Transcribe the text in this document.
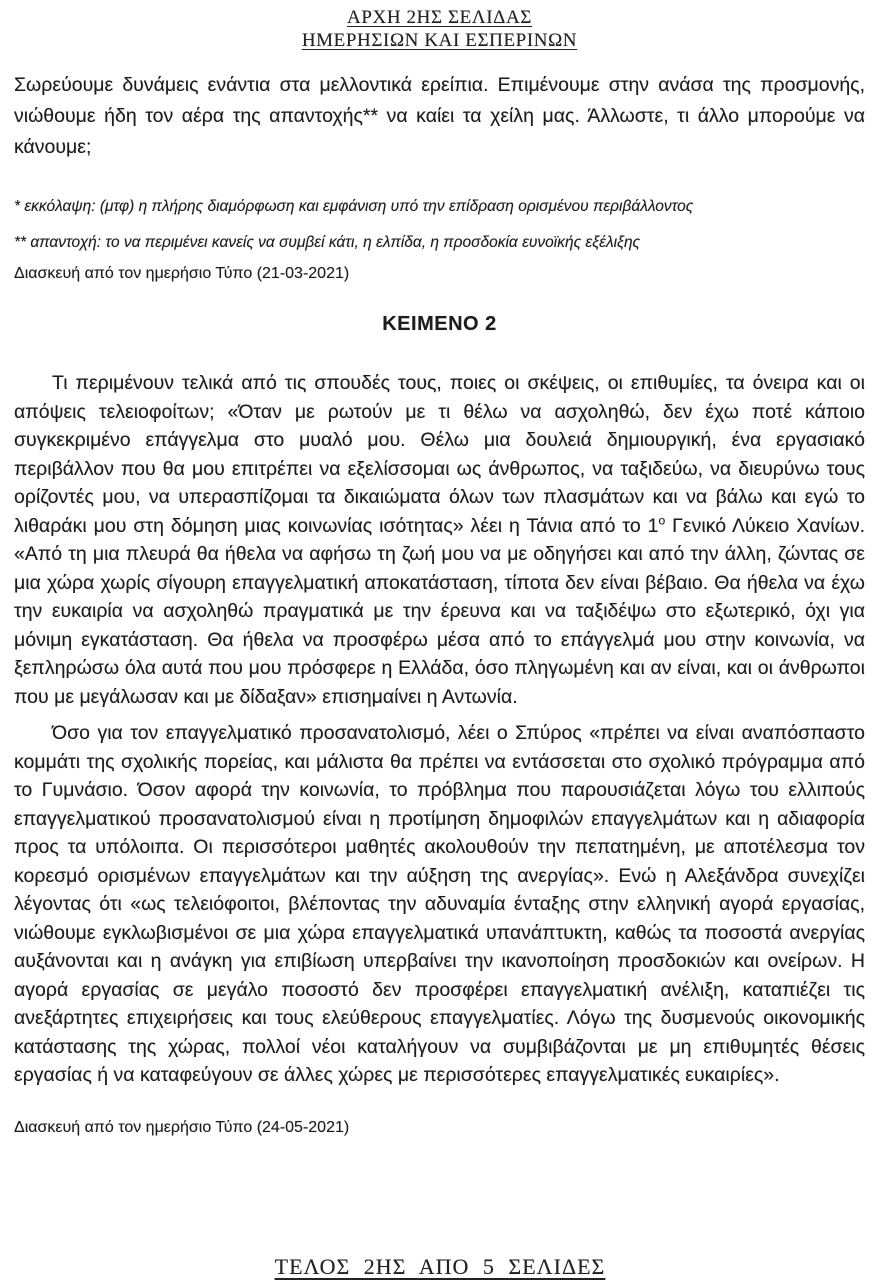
ΑΡΧΗ 2ΗΣ ΣΕΛΙΔΑΣ
ΗΜΕΡΗΣΙΩΝ ΚΑΙ ΕΣΠΕΡΙΝΩΝ

Σωρεύουμε δυνάμεις ενάντια στα μελλοντικά ερείπια. Επιμένουμε στην ανάσα της προσμονής, νιώθουμε ήδη τον αέρα της απαντοχής** να καίει τα χείλη μας. Άλλωστε, τι άλλο μπορούμε να κάνουμε;

* εκκόλαψη: (μτφ) η πλήρης διαμόρφωση και εμφάνιση υπό την επίδραση ορισμένου περιβάλλοντος

** απαντοχή: το να περιμένει κανείς να συμβεί κάτι, η ελπίδα, η προσδοκία ευνοϊκής εξέλιξης

Διασκευή από τον ημερήσιο Τύπο (21-03-2021)

ΚΕΙΜΕΝΟ 2

Τι περιμένουν τελικά από τις σπουδές τους, ποιες οι σκέψεις, οι επιθυμίες, τα όνειρα και οι απόψεις τελειοφοίτων; «Όταν με ρωτούν με τι θέλω να ασχοληθώ, δεν έχω ποτέ κάποιο συγκεκριμένο επάγγελμα στο μυαλό μου. Θέλω μια δουλειά δημιουργική, ένα εργασιακό περιβάλλον που θα μου επιτρέπει να εξελίσσομαι ως άνθρωπος, να ταξιδεύω, να διευρύνω τους ορίζοντές μου, να υπερασπίζομαι τα δικαιώματα όλων των πλασμάτων και να βάλω και εγώ το λιθαράκι μου στη δόμηση μιας κοινωνίας ισότητας» λέει η Τάνια από το $1^o$ Γενικό Λύκειο Χανίων. «Από τη μια πλευρά θα ήθελα να αφήσω τη ζωή μου να με οδηγήσει και από την άλλη, ζώντας σε μια χώρα χωρίς σίγουρη επαγγελματική αποκατάσταση, τίποτα δεν είναι βέβαιο. Θα ήθελα να έχω την ευκαιρία να ασχοληθώ πραγματικά με την έρευνα και να ταξιδέψω στο εξωτερικό, όχι για μόνιμη εγκατάσταση. Θα ήθελα να προσφέρω μέσα από το επάγγελμά μου στην κοινωνία, να ξεπληρώσω όλα αυτά που μου πρόσφερε η Ελλάδα, όσο πληγωμένη και αν είναι, και οι άνθρωποι που με μεγάλωσαν και με δίδαξαν» επισημαίνει η Αντωνία.

Όσο για τον επαγγελματικό προσανατολισμό, λέει ο Σπύρος «πρέπει να είναι αναπόσπαστο κομμάτι της σχολικής πορείας, και μάλιστα θα πρέπει να εντάσσεται στο σχολικό πρόγραμμα από το Γυμνάσιο. Όσον αφορά την κοινωνία, το πρόβλημα που παρουσιάζεται λόγω του ελλιπούς επαγγελματικού προσανατολισμού είναι η προτίμηση δημοφιλών επαγγελμάτων και η αδιαφορία προς τα υπόλοιπα. Οι περισσότεροι μαθητές ακολουθούν την πεπατημένη, με αποτέλεσμα τον κορεσμό ορισμένων επαγγελμάτων και την αύξηση της ανεργίας». Ενώ η Αλεξάνδρα συνεχίζει λέγοντας ότι «ως τελειόφοιτοι, βλέποντας την αδυναμία ένταξης στην ελληνική αγορά εργασίας, νιώθουμε εγκλωβισμένοι σε μια χώρα επαγγελματικά υπανάπτυκτη, καθώς τα ποσοστά ανεργίας αυξάνονται και η ανάγκη για επιβίωση υπερβαίνει την ικανοποίηση προσδοκιών και ονείρων. Η αγορά εργασίας σε μεγάλο ποσοστό δεν προσφέρει επαγγελματική ανέλιξη, καταπιέζει τις ανεξάρτητες επιχειρήσεις και τους ελεύθερους επαγγελματίες. Λόγω της δυσμενούς οικονομικής κατάστασης της χώρας, πολλοί νέοι καταλήγουν να συμβιβάζονται με μη επιθυμητές θέσεις εργασίας ή να καταφεύγουν σε άλλες χώρες με περισσότερες επαγγελματικές ευκαιρίες».

Διασκευή από τον ημερήσιο Τύπο (24-05-2021)

ΤΕΛΟΣ 2ΗΣ ΑΠΟ 5 ΣΕΛΙΔΕΣ
